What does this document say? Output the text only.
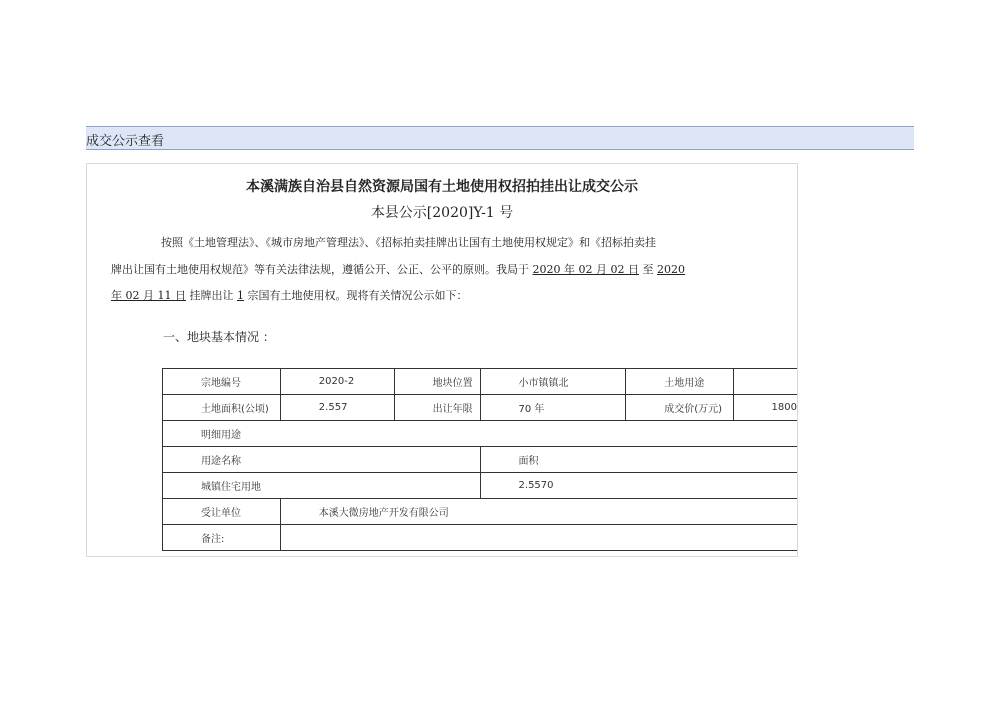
成交公示查看
本溪满族自治县自然资源局国有土地使用权招拍挂出让成交公示
本县公示[2020]Y-1 号
按照《土地管理法》、《城市房地产管理法》、《招标拍卖挂牌出让国有土地使用权规定》和《招标拍卖挂
牌出让国有土地使用权规范》等有关法律法规，遵循公开、公正、公平的原则。我局于 2020 年 02 月 02 日 至 2020
年 02 月 11 日 挂牌出让 1 宗国有土地使用权。现将有关情况公示如下：
一、地块基本情况 ：
宗地编号	2020-2	地块位置	小市镇镇北	土地用途	
土地面积(公顷)	2.557	出让年限	70 年	成交价(万元)	1800
明细用途					
用途名称			面积		
城镇住宅用地			2.5570		
受让单位	本溪大微房地产开发有限公司				
备注:					
